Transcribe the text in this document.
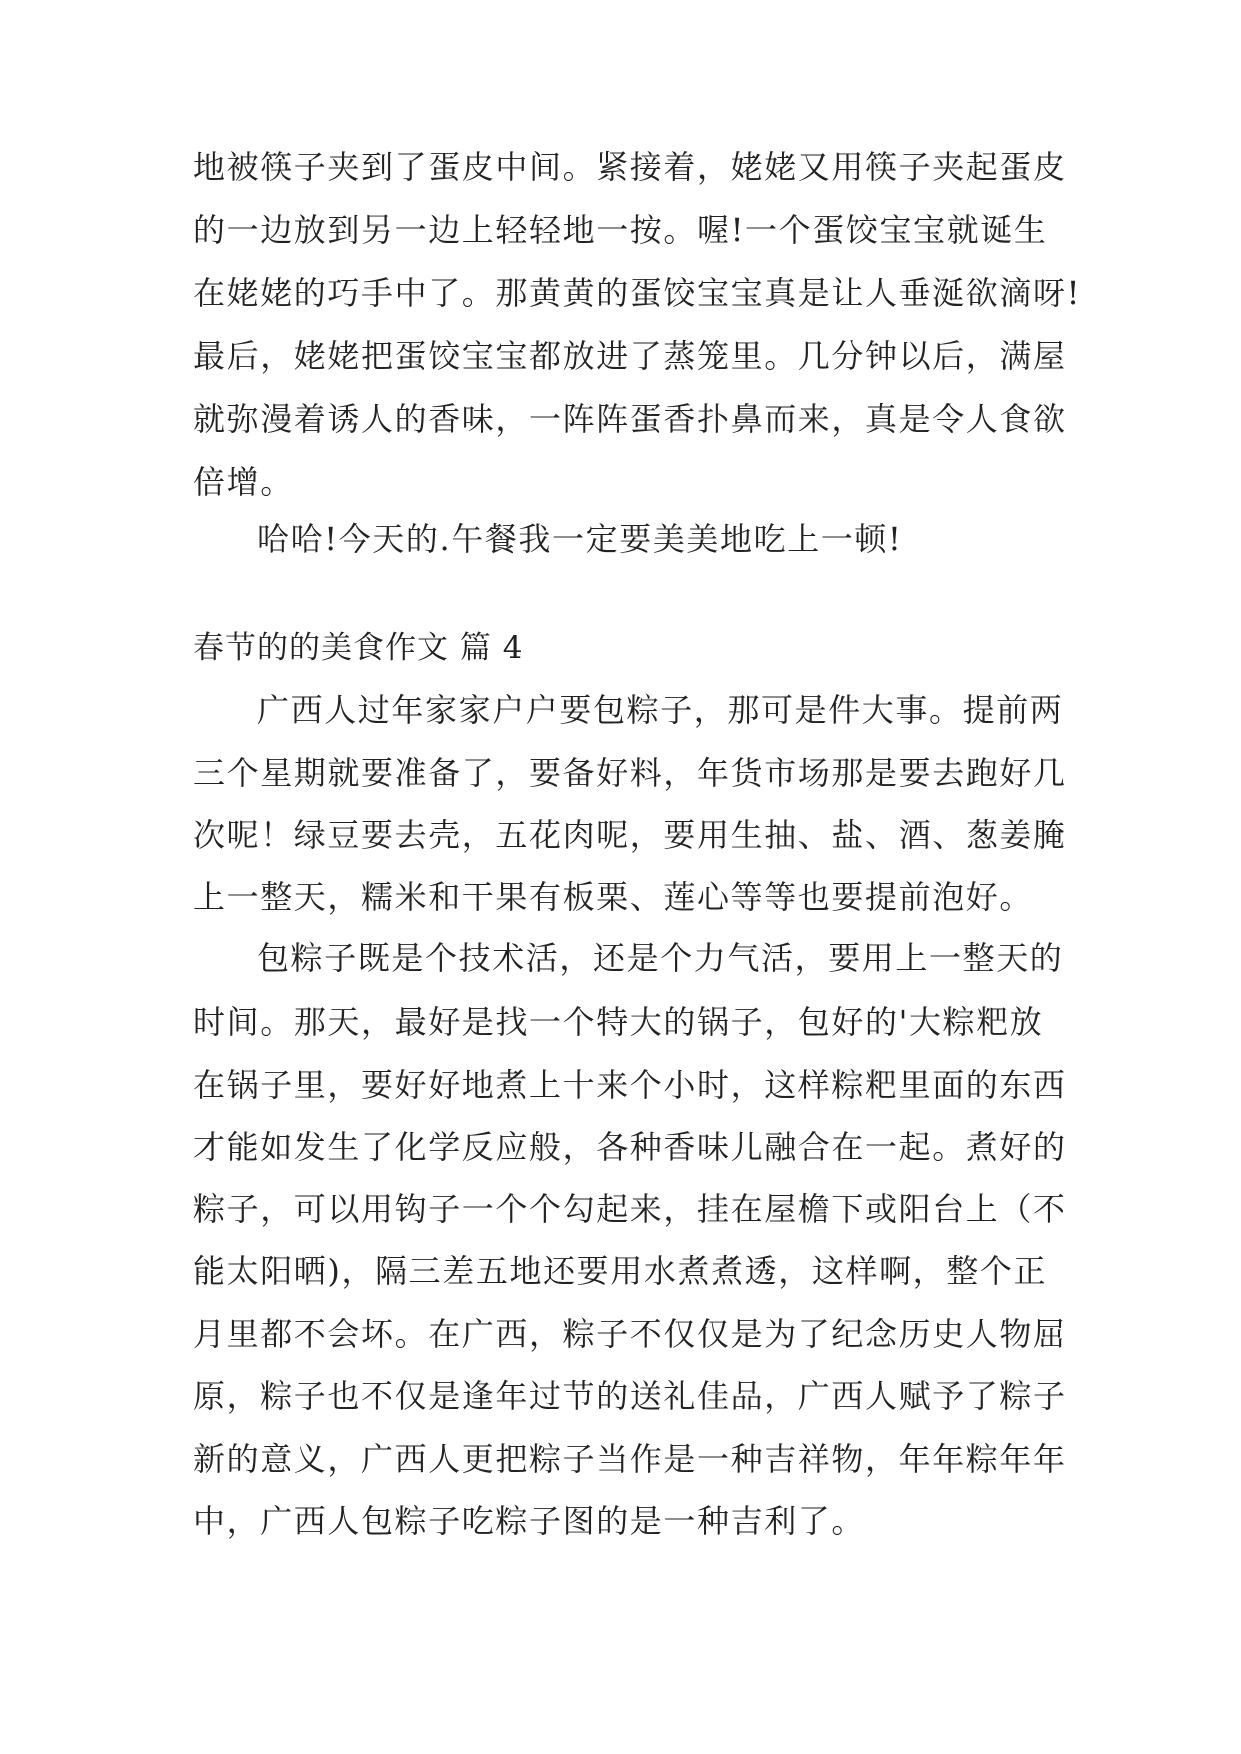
地被筷子夹到了蛋皮中间。紧接着，姥姥又用筷子夹起蛋皮
的一边放到另一边上轻轻地一按。喔!一个蛋饺宝宝就诞生
在姥姥的巧手中了。那黄黄的蛋饺宝宝真是让人垂涎欲滴呀!
最后，姥姥把蛋饺宝宝都放进了蒸笼里。几分钟以后，满屋
就弥漫着诱人的香味，一阵阵蛋香扑鼻而来，真是令人食欲
倍增。
哈哈!今天的.午餐我一定要美美地吃上一顿!
春节的的美食作文 篇 4
广西人过年家家户户要包粽子，那可是件大事。提前两
三个星期就要准备了，要备好料，年货市场那是要去跑好几
次呢！绿豆要去壳，五花肉呢，要用生抽、盐、酒、葱姜腌
上一整天，糯米和干果有板栗、莲心等等也要提前泡好。
包粽子既是个技术活，还是个力气活，要用上一整天的
时间。那天，最好是找一个特大的锅子，包好的'大粽粑放
在锅子里，要好好地煮上十来个小时，这样粽粑里面的东西
才能如发生了化学反应般，各种香味儿融合在一起。煮好的
粽子，可以用钩子一个个勾起来，挂在屋檐下或阳台上（不
能太阳晒)，隔三差五地还要用水煮煮透，这样啊，整个正
月里都不会坏。在广西，粽子不仅仅是为了纪念历史人物屈
原，粽子也不仅是逢年过节的送礼佳品，广西人赋予了粽子
新的意义，广西人更把粽子当作是一种吉祥物，年年粽年年
中，广西人包粽子吃粽子图的是一种吉利了。
